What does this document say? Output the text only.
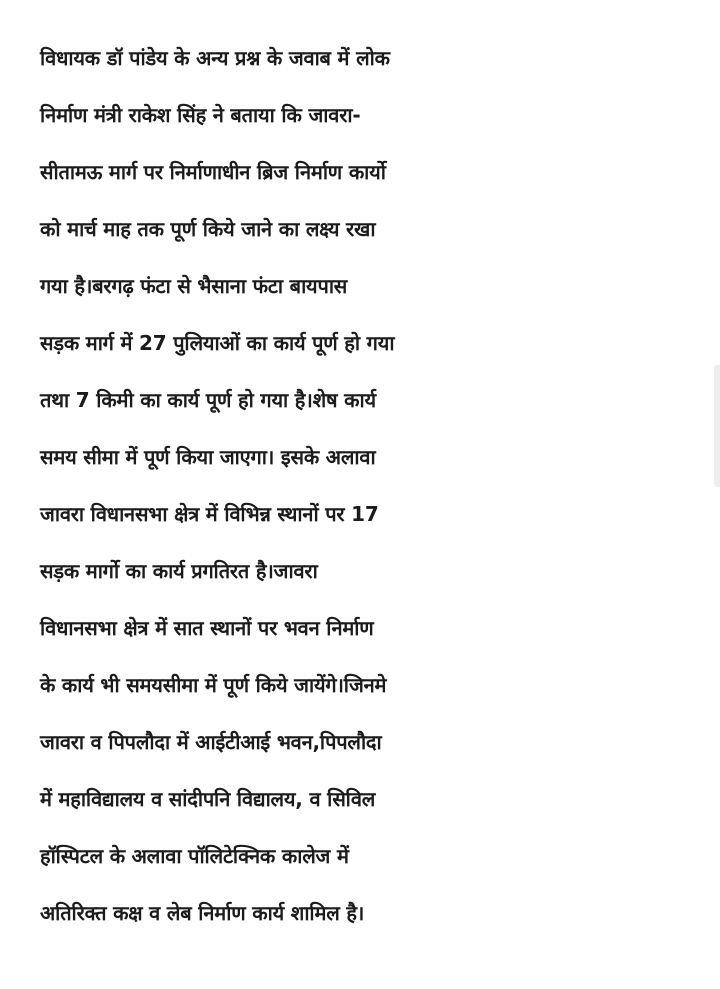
विधायक डॉ पांडेय के अन्य प्रश्न के जवाब में लोक
निर्माण मंत्री राकेश सिंह ने बताया कि जावरा-
सीतामऊ मार्ग पर निर्माणाधीन ब्रिज निर्माण कार्यो
को मार्च माह तक पूर्ण किये जाने का लक्ष्य रखा
गया है।बरगढ़ फंटा से भैसाना फंटा बायपास
सड़क मार्ग में 27 पुलियाओं का कार्य पूर्ण हो गया
तथा 7 किमी का कार्य पूर्ण हो गया है।शेष कार्य
समय सीमा में पूर्ण किया जाएगा। इसके अलावा
जावरा विधानसभा क्षेत्र में विभिन्न स्थानों पर 17
सड़क मार्गो का कार्य प्रगतिरत है।जावरा
विधानसभा क्षेत्र में सात स्थानों पर भवन निर्माण
के कार्य भी समयसीमा में पूर्ण किये जायेंगे।जिनमे
जावरा व पिपलौदा में आईटीआई भवन,पिपलौदा
में महाविद्यालय व सांदीपनि विद्यालय, व सिविल
हॉस्पिटल के अलावा पॉलिटेक्निक कालेज में
अतिरिक्त कक्ष व लेब निर्माण कार्य शामिल है।
